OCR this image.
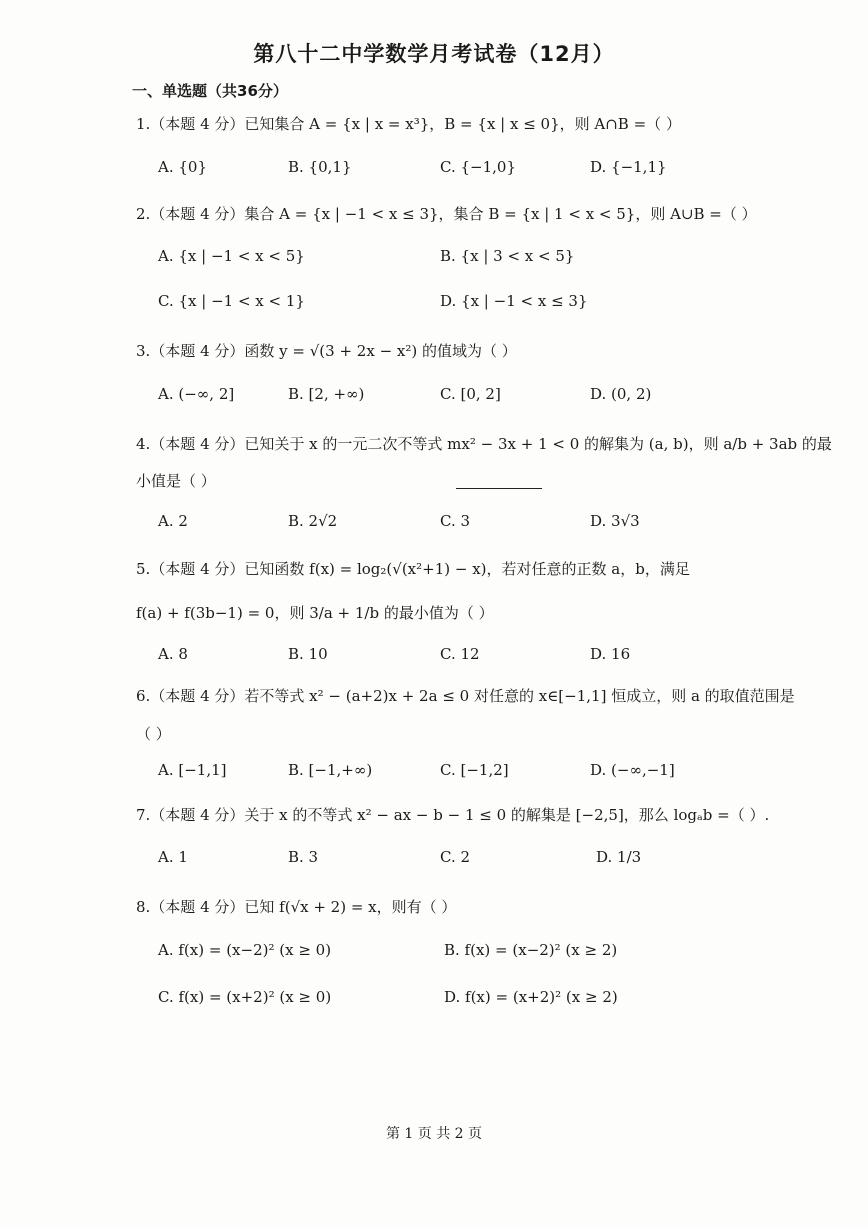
第八十二中学数学月考试卷（12月）
一、单选题（共36分）
1.（本题 4 分）已知集合 A = {x | x = x³}，B = {x | x ≤ 0}，则 A∩B =（ ）
A. {0}	B. {0,1}	C. {−1,0}	D. {−1,1}
2.（本题 4 分）集合 A = {x | −1 < x ≤ 3}，集合 B = {x | 1 < x < 5}，则 A∪B =（ ）
A. {x | −1 < x < 5}	B. {x | 3 < x < 5}
C. {x | −1 < x < 1}	D. {x | −1 < x ≤ 3}
3.（本题 4 分）函数 y = √(3 + 2x − x²) 的值域为（ ）
A. (−∞, 2]	B. [2, +∞)	C. [0, 2]	D. (0, 2)
4.（本题 4 分）已知关于 x 的一元二次不等式 mx² − 3x + 1 < 0 的解集为 (a, b)，则 a/b + 3ab 的最
小值是（ ）
A. 2	B. 2√2	C. 3	D. 3√3
5.（本题 4 分）已知函数 f(x) = log₂(√(x²+1) − x)，若对任意的正数 a，b，满足
f(a) + f(3b−1) = 0，则 3/a + 1/b 的最小值为（ ）
A. 8	B. 10	C. 12	D. 16
6.（本题 4 分）若不等式 x² − (a+2)x + 2a ≤ 0 对任意的 x∈[−1,1] 恒成立，则 a 的取值范围是
（ ）
A. [−1,1]	B. [−1,+∞)	C. [−1,2]	D. (−∞,−1]
7.（本题 4 分）关于 x 的不等式 x² − ax − b − 1 ≤ 0 的解集是 [−2,5]，那么 logₐb =（ ）.
A. 1	B. 3	C. 2	D. 1/3
8.（本题 4 分）已知 f(√x + 2) = x，则有（ ）
A. f(x) = (x−2)² (x ≥ 0)	B. f(x) = (x−2)² (x ≥ 2)
C. f(x) = (x+2)² (x ≥ 0)	D. f(x) = (x+2)² (x ≥ 2)
第 1 页 共 2 页
